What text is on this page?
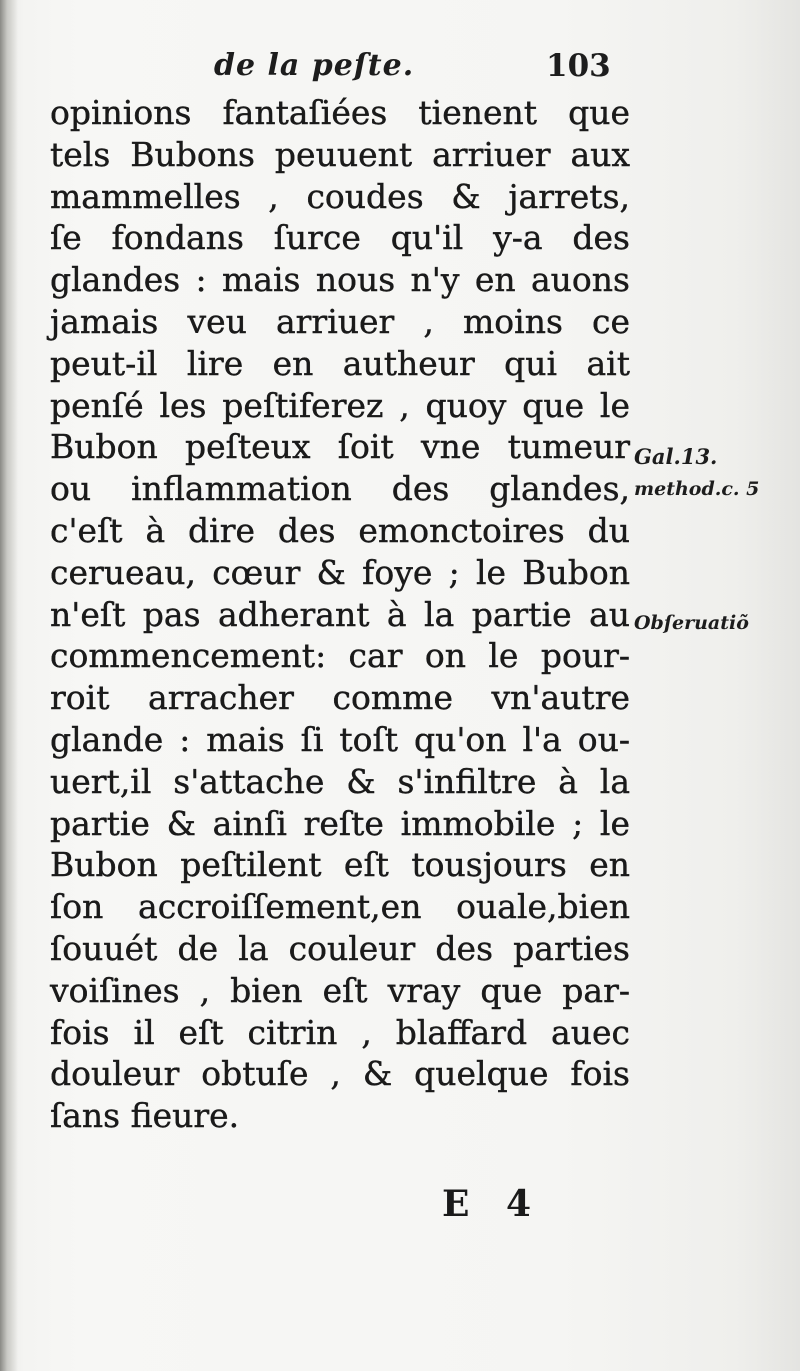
de la peſte.	103
opinions fantaſiées tienent que
tels Bubons peuuent arriuer aux
mammelles , coudes & jarrets,
ſe fondans ſurce qu'il y-a des
glandes : mais nous n'y en auons
jamais veu arriuer , moins ce
peut-il lire en autheur qui ait
penſé les peſtiferez , quoy que le
Bubon peſteux ſoit vne tumeur
ou inflammation des glandes,
c'eſt à dire des emonctoires du
cerueau, cœur & foye ; le Bubon
n'eſt pas adherant à la partie au
commencement: car on le pour-
roit arracher comme vn'autre
glande : mais ſi toſt qu'on l'a ou-
uert,il s'attache & s'infiltre à la
partie & ainſi reſte immobile ; le
Bubon peſtilent eſt tousjours en
ſon accroiſſement,en ouale,bien
ſouuét de la couleur des parties
voiſines , bien eſt vray que par-
fois il eſt citrin , blaffard auec
douleur obtuſe , & quelque fois
ſans fieure.
Gal.13.
method.c. 5
Obſeruatiõ
E 4
